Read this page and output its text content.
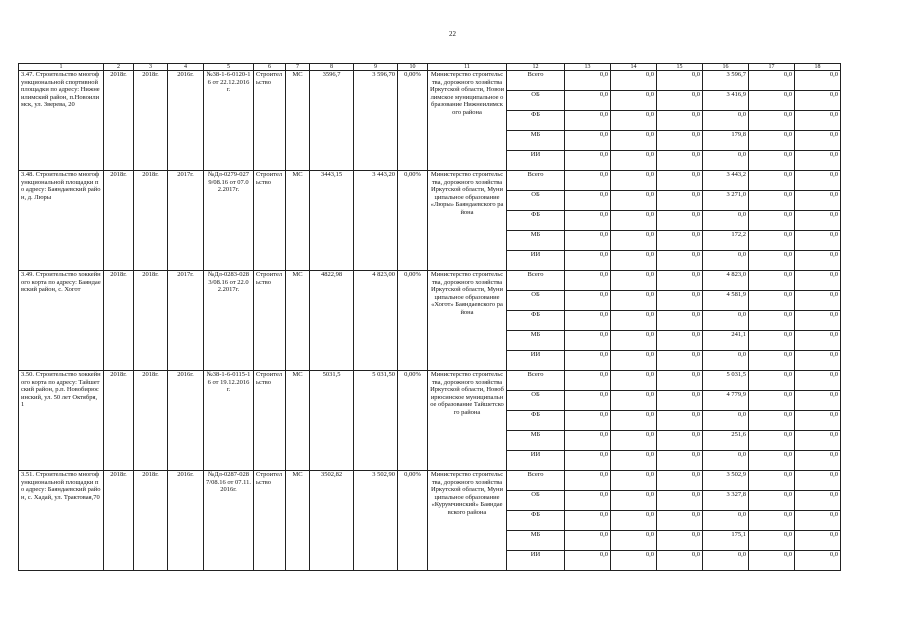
22
1	2	3	4	5	6	7	8	9	10	11	12	13	14	15	16	17	18
3.47. Строительство многофункциональной спортивной площадки по адресу: Нижнеилимский район, п.Новоилимск, ул. Зверева, 20	2018г.	2018г.	2016г.	№38-1-6-0120-16 от 22.12.2016 г.	Строительство	МС	3596,7	3 596,70	0,00%	Министерство строительства, дорожного хозяйства Иркутской области, Новоилимское муниципальное образование Нижнеилимского района	Всего	0,0	0,0	0,0	3 596,7	0,0	0,0
											ОБ	0,0	0,0	0,0	3 416,9	0,0	0,0
											ФБ	0,0	0,0	0,0	0,0	0,0	0,0
											МБ	0,0	0,0	0,0	179,8	0,0	0,0
											ИИ	0,0	0,0	0,0	0,0	0,0	0,0
3.48. Строительство многофункциональной площадки по адресу: Баяндаевский район, д. Люры	2018г.	2018г.	2017г.	№Дл-0279-0279/08.16 от 07.02.2017г.	Строительство	МС	3443,15	3 443,20	0,00%	Министерство строительства, дорожного хозяйства Иркутской области, Муниципальное образование «Люры» Баяндаевского района	Всего	0,0	0,0	0,0	3 443,2	0,0	0,0
											ОБ	0,0	0,0	0,0	3 271,0	0,0	0,0
											ФБ	0,0	0,0	0,0	0,0	0,0	0,0
											МБ	0,0	0,0	0,0	172,2	0,0	0,0
											ИИ	0,0	0,0	0,0	0,0	0,0	0,0
3.49. Строительство хоккейного корта по адресу: Баяндаевский район, с. Хогот	2018г.	2018г.	2017г.	№Дл-0283-0283/08.16 от 22.02.2017г.	Строительство	МС	4822,98	4 823,00	0,00%	Министерство строительства, дорожного хозяйства Иркутской области, Муниципальное образование «Хогот» Баяндаевского района	Всего	0,0	0,0	0,0	4 823,0	0,0	0,0
											ОБ	0,0	0,0	0,0	4 581,9	0,0	0,0
											ФБ	0,0	0,0	0,0	0,0	0,0	0,0
											МБ	0,0	0,0	0,0	241,1	0,0	0,0
											ИИ	0,0	0,0	0,0	0,0	0,0	0,0
3.50. Строительство хоккейного корта по адресу: Тайшетский район, р.п. Новобирюсинский, ул. 50 лет Октября, 1	2018г.	2018г.	2016г.	№38-1-6-0115-16 от 19.12.2016 г.	Строительство	МС	5031,5	5 031,50	0,00%	Министерство строительства, дорожного хозяйства Иркутской области, Новобирюсинское муниципальное образование Тайшетского района	Всего	0,0	0,0	0,0	5 031,5	0,0	0,0
											ОБ	0,0	0,0	0,0	4 779,9	0,0	0,0
											ФБ	0,0	0,0	0,0	0,0	0,0	0,0
											МБ	0,0	0,0	0,0	251,6	0,0	0,0
											ИИ	0,0	0,0	0,0	0,0	0,0	0,0
3.51. Строительство многофункциональной площадки по адресу: Баяндаевский район, с. Хадай, ул. Трактовая,70	2018г.	2018г.	2016г.	№Дл-0287-0287/08.16 от 07.11.2016г.	Строительство	МС	3502,82	3 502,90	0,00%	Министерство строительства, дорожного хозяйства Иркутской области, Муниципальное образование «Курумчинский» Баяндаевского района	Всего	0,0	0,0	0,0	3 502,9	0,0	0,0
											ОБ	0,0	0,0	0,0	3 327,8	0,0	0,0
											ФБ	0,0	0,0	0,0	0,0	0,0	0,0
											МБ	0,0	0,0	0,0	175,1	0,0	0,0
											ИИ	0,0	0,0	0,0	0,0	0,0	0,0
